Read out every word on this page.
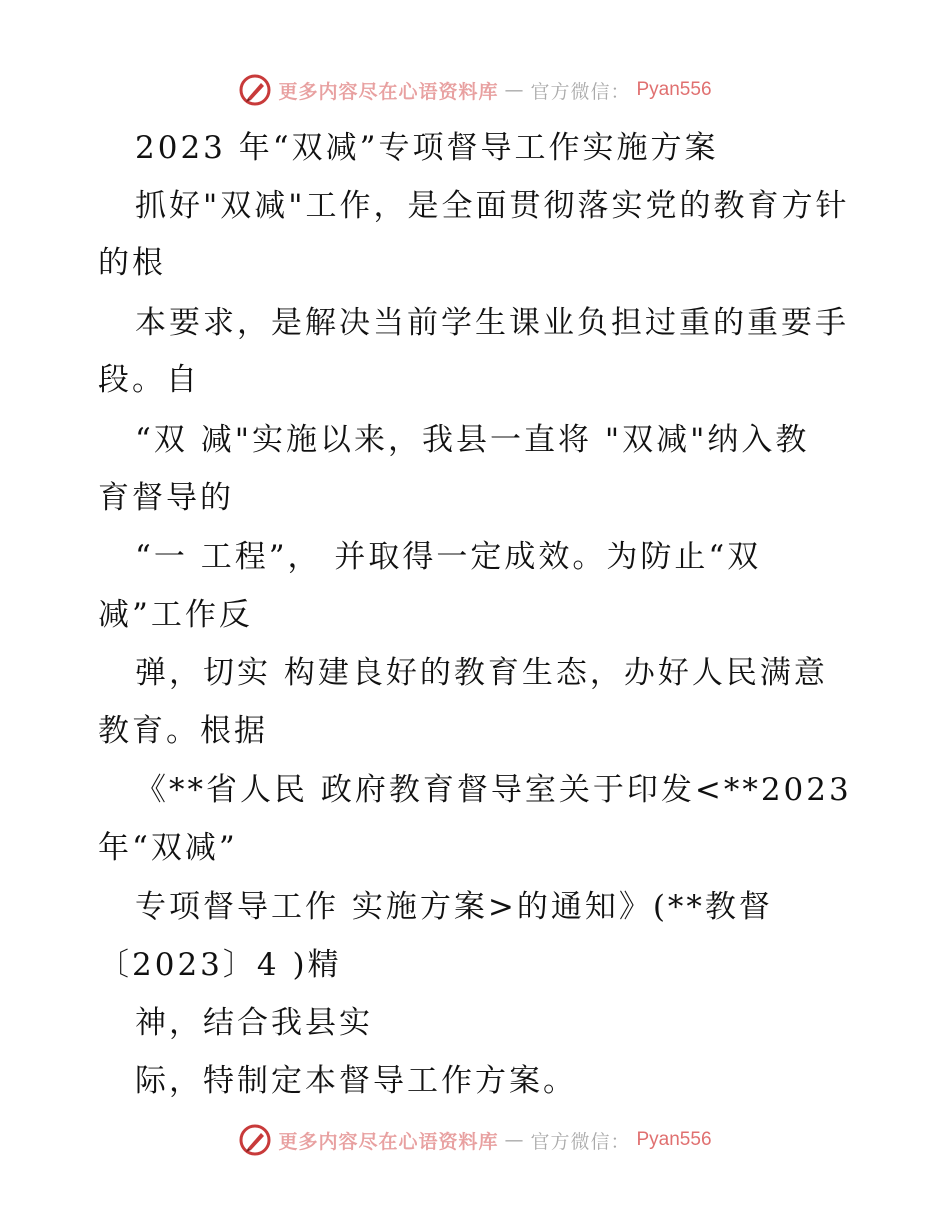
更多内容尽在心语资料库 — 官方微信： Pyan556
2023 年“双减”专项督导工作实施方案
抓好"双减"工作，是全面贯彻落实党的教育方针
的根
本要求，是解决当前学生课业负担过重的重要手
段。自
“双 减"实施以来，我县一直将 "双减"纳入教
育督导的
“一 工程”， 并取得一定成效。为防止“双
减”工作反
弹，切实 构建良好的教育生态，办好人民满意
教育。根据
《**省人民 政府教育督导室关于印发<**2023
年“双减”
专项督导工作 实施方案>的通知》(**教督
〔2023〕4 )精
神，结合我县实
际，特制定本督导工作方案。
更多内容尽在心语资料库 — 官方微信： Pyan556
